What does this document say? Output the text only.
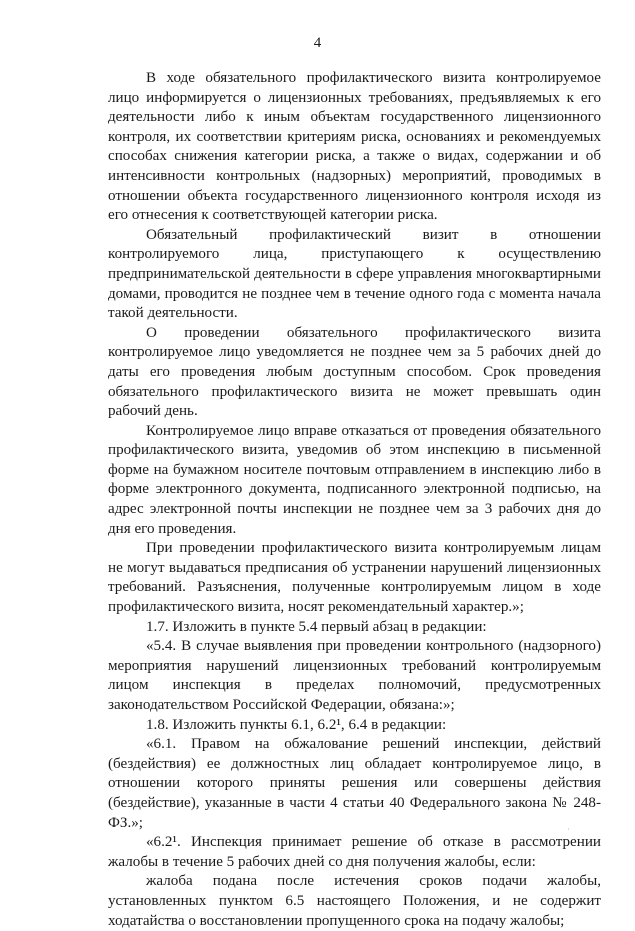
4

В ходе обязательного профилактического визита контролируемое лицо информируется о лицензионных требованиях, предъявляемых к его деятельности либо к иным объектам государственного лицензионного контроля, их соответствии критериям риска, основаниях и рекомендуемых способах снижения категории риска, а также о видах, содержании и об интенсивности контрольных (надзорных) мероприятий, проводимых в отношении объекта государственного лицензионного контроля исходя из его отнесения к соответствующей категории риска.

Обязательный профилактический визит в отношении контролируемого лица, приступающего к осуществлению предпринимательской деятельности в сфере управления многоквартирными домами, проводится не позднее чем в течение одного года с момента начала такой деятельности.

О проведении обязательного профилактического визита контролируемое лицо уведомляется не позднее чем за 5 рабочих дней до даты его проведения любым доступным способом. Срок проведения обязательного профилактического визита не может превышать один рабочий день.

Контролируемое лицо вправе отказаться от проведения обязательного профилактического визита, уведомив об этом инспекцию в письменной форме на бумажном носителе почтовым отправлением в инспекцию либо в форме электронного документа, подписанного электронной подписью, на адрес электронной почты инспекции не позднее чем за 3 рабочих дня до дня его проведения.

При проведении профилактического визита контролируемым лицам не могут выдаваться предписания об устранении нарушений лицензионных требований. Разъяснения, полученные контролируемым лицом в ходе профилактического визита, носят рекомендательный характер.»;

1.7. Изложить в пункте 5.4 первый абзац в редакции:

«5.4. В случае выявления при проведении контрольного (надзорного) мероприятия нарушений лицензионных требований контролируемым лицом инспекция в пределах полномочий, предусмотренных законодательством Российской Федерации, обязана:»;

1.8. Изложить пункты 6.1, 6.2¹, 6.4 в редакции:

«6.1. Правом на обжалование решений инспекции, действий (бездействия) ее должностных лиц обладает контролируемое лицо, в отношении которого приняты решения или совершены действия (бездействие), указанные в части 4 статьи 40 Федерального закона № 248-ФЗ.»;

«6.2¹. Инспекция принимает решение об отказе в рассмотрении жалобы в течение 5 рабочих дней со дня получения жалобы, если:

жалоба подана после истечения сроков подачи жалобы, установленных пунктом 6.5 настоящего Положения, и не содержит ходатайства о восстановлении пропущенного срока на подачу жалобы;

·
